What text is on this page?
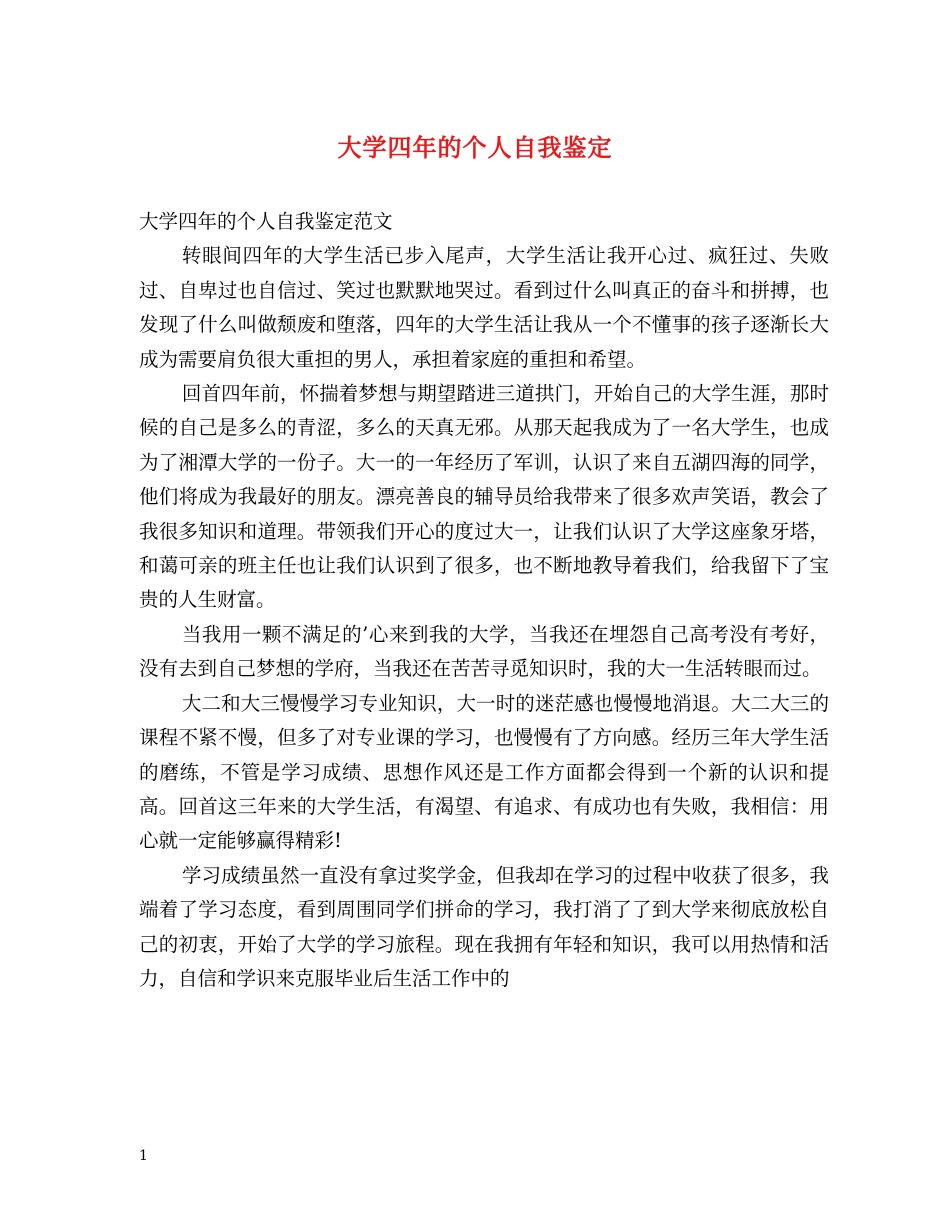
大学四年的个人自我鉴定

大学四年的个人自我鉴定范文

转眼间四年的大学生活已步入尾声，大学生活让我开心过、疯狂过、失败过、自卑过也自信过、笑过也默默地哭过。看到过什么叫真正的奋斗和拼搏，也发现了什么叫做颓废和堕落，四年的大学生活让我从一个不懂事的孩子逐渐长大成为需要肩负很大重担的男人，承担着家庭的重担和希望。

回首四年前，怀揣着梦想与期望踏进三道拱门，开始自己的大学生涯，那时候的自己是多么的青涩，多么的天真无邪。从那天起我成为了一名大学生，也成为了湘潭大学的一份子。大一的一年经历了军训，认识了来自五湖四海的同学，他们将成为我最好的朋友。漂亮善良的辅导员给我带来了很多欢声笑语，教会了我很多知识和道理。带领我们开心的度过大一，让我们认识了大学这座象牙塔，和蔼可亲的班主任也让我们认识到了很多，也不断地教导着我们，给我留下了宝贵的人生财富。

当我用一颗不满足的’心来到我的大学，当我还在埋怨自己高考没有考好，没有去到自己梦想的学府，当我还在苦苦寻觅知识时，我的大一生活转眼而过。

大二和大三慢慢学习专业知识，大一时的迷茫感也慢慢地消退。大二大三的课程不紧不慢，但多了对专业课的学习，也慢慢有了方向感。经历三年大学生活的磨练，不管是学习成绩、思想作风还是工作方面都会得到一个新的认识和提高。回首这三年来的大学生活，有渴望、有追求、有成功也有失败，我相信：用心就一定能够赢得精彩!

学习成绩虽然一直没有拿过奖学金，但我却在学习的过程中收获了很多，我端着了学习态度，看到周围同学们拼命的学习，我打消了了到大学来彻底放松自己的初衷，开始了大学的学习旅程。现在我拥有年轻和知识，我可以用热情和活力，自信和学识来克服毕业后生活工作中的

1
